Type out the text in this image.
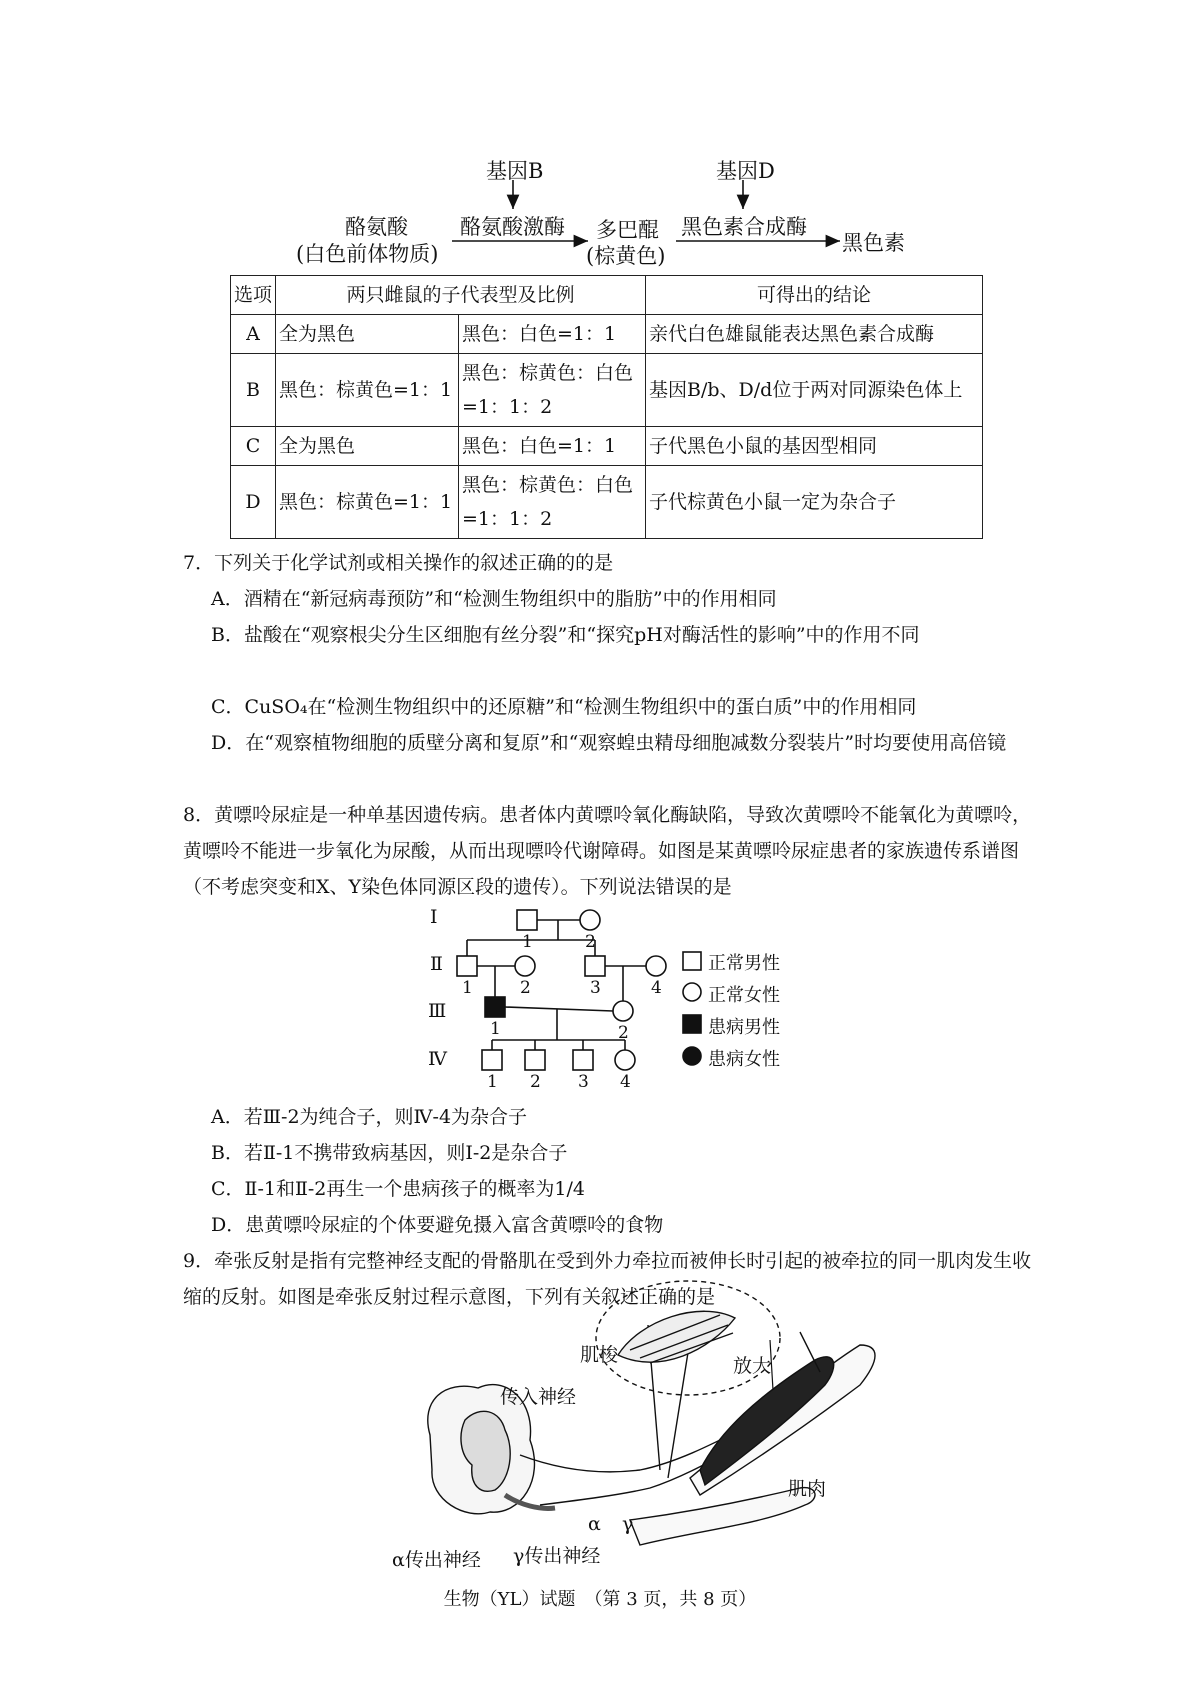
基因B	基因D
酪氨酸
(白色前体物质)
酪氨酸激酶 多巴醌
(棕黄色)
黑色素合成酶
黑色素
选项	两只雌鼠的子代表型及比例		可得出的结论
A	全为黑色	黑色：白色=1：1	亲代白色雄鼠能表达黑色素合成酶
B	黑色：棕黄色=1：1	黑色：棕黄色：白色=1：1：2	基因B/b、D/d位于两对同源染色体上
C	全为黑色	黑色：白色=1：1	子代黑色小鼠的基因型相同
D	黑色：棕黄色=1：1	黑色：棕黄色：白色=1：1：2	子代棕黄色小鼠一定为杂合子
7．下列关于化学试剂或相关操作的叙述正确的的是
A．酒精在“新冠病毒预防”和“检测生物组织中的脂肪”中的作用相同
B．盐酸在“观察根尖分生区细胞有丝分裂”和“探究pH对酶活性的影响”中的作用不同
C．CuSO₄在“检测生物组织中的还原糖”和“检测生物组织中的蛋白质”中的作用相同
D．在“观察植物细胞的质壁分离和复原”和“观察蝗虫精母细胞减数分裂装片”时均要使用高倍镜
8．黄嘌呤尿症是一种单基因遗传病。患者体内黄嘌呤氧化酶缺陷，导致次黄嘌呤不能氧化为黄嘌呤，黄嘌呤不能进一步氧化为尿酸，从而出现嘌呤代谢障碍。如图是某黄嘌呤尿症患者的家族遗传系谱图（不考虑突变和X、Y染色体同源区段的遗传）。下列说法错误的是
Ⅰ
Ⅱ
Ⅲ
Ⅳ
1	2
1	2	3	4
1	2
1 2 3 4
正常男性
正常女性
患病男性
患病女性
A．若Ⅲ-2为纯合子，则Ⅳ-4为杂合子
B．若Ⅱ-1不携带致病基因，则Ⅰ-2是杂合子
C．Ⅱ-1和Ⅱ-2再生一个患病孩子的概率为1/4
D．患黄嘌呤尿症的个体要避免摄入富含黄嘌呤的食物
9．牵张反射是指有完整神经支配的骨骼肌在受到外力牵拉而被伸长时引起的被牵拉的同一肌肉发生收缩的反射。如图是牵张反射过程示意图，下列有关叙述正确的是
肌梭	放大
传入神经
肌肉
α γ
α传出神经 γ传出神经
生物（YL）试题　（第 3 页，共 8 页）
